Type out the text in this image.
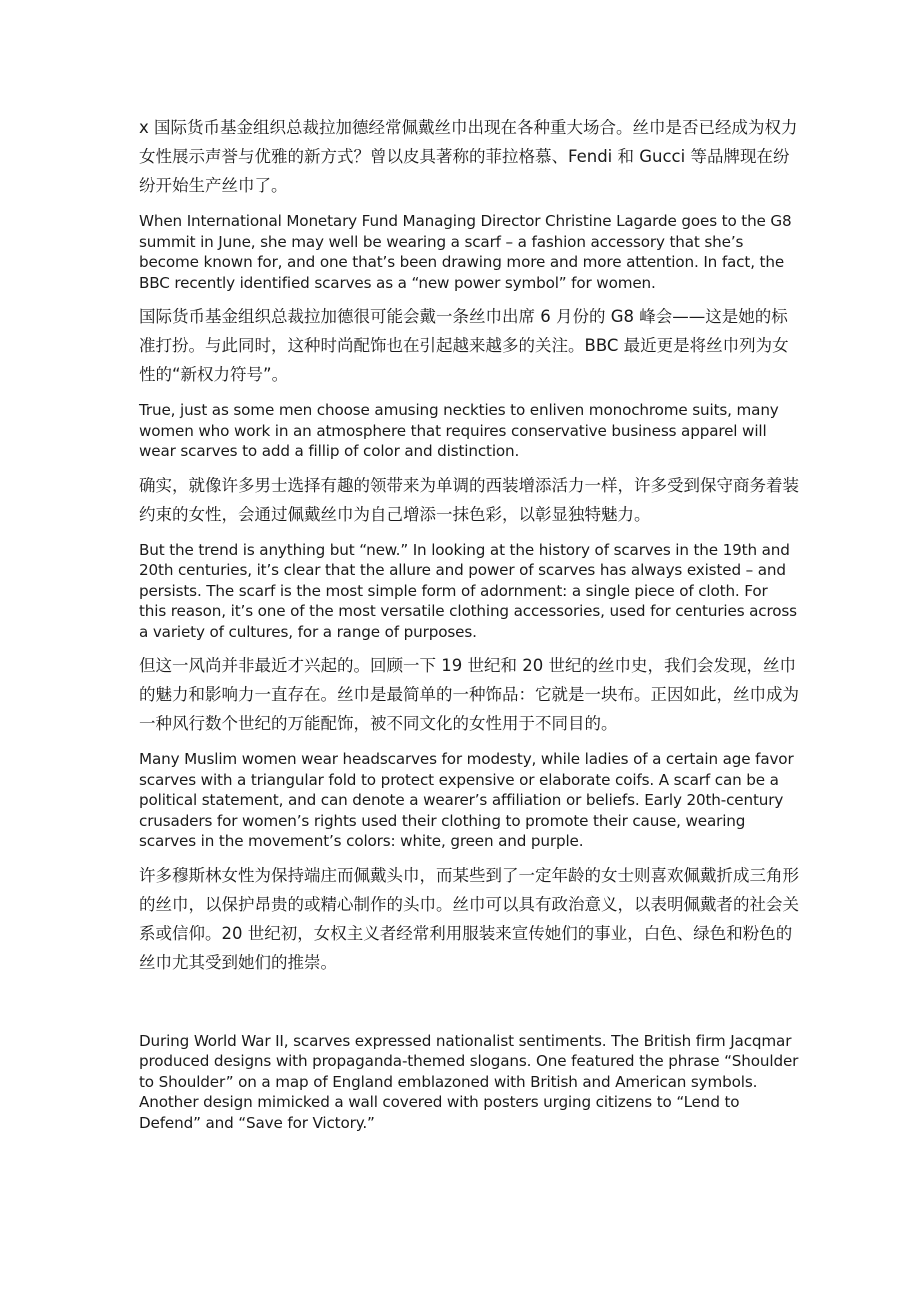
x 国际货币基金组织总裁拉加德经常佩戴丝巾出现在各种重大场合。丝巾是否已经成为权力女性展示声誉与优雅的新方式？曾以皮具著称的菲拉格慕、Fendi 和 Gucci 等品牌现在纷纷开始生产丝巾了。

When International Monetary Fund Managing Director Christine Lagarde goes to the G8 summit in June, she may well be wearing a scarf – a fashion accessory that she’s become known for, and one that’s been drawing more and more attention. In fact, the BBC recently identified scarves as a “new power symbol” for women.

国际货币基金组织总裁拉加德很可能会戴一条丝巾出席 6 月份的 G8 峰会——这是她的标准打扮。与此同时，这种时尚配饰也在引起越来越多的关注。BBC 最近更是将丝巾列为女性的“新权力符号”。

True, just as some men choose amusing neckties to enliven monochrome suits, many women who work in an atmosphere that requires conservative business apparel will wear scarves to add a fillip of color and distinction.

确实，就像许多男士选择有趣的领带来为单调的西装增添活力一样，许多受到保守商务着装约束的女性，会通过佩戴丝巾为自己增添一抹色彩，以彰显独特魅力。

But the trend is anything but “new.” In looking at the history of scarves in the 19th and 20th centuries, it’s clear that the allure and power of scarves has always existed – and persists. The scarf is the most simple form of adornment: a single piece of cloth. For this reason, it’s one of the most versatile clothing accessories, used for centuries across a variety of cultures, for a range of purposes.

但这一风尚并非最近才兴起的。回顾一下 19 世纪和 20 世纪的丝巾史，我们会发现，丝巾的魅力和影响力一直存在。丝巾是最简单的一种饰品：它就是一块布。正因如此，丝巾成为一种风行数个世纪的万能配饰，被不同文化的女性用于不同目的。

Many Muslim women wear headscarves for modesty, while ladies of a certain age favor scarves with a triangular fold to protect expensive or elaborate coifs. A scarf can be a political statement, and can denote a wearer’s affiliation or beliefs. Early 20th-century crusaders for women’s rights used their clothing to promote their cause, wearing scarves in the movement’s colors: white, green and purple.

许多穆斯林女性为保持端庄而佩戴头巾，而某些到了一定年龄的女士则喜欢佩戴折成三角形的丝巾，以保护昂贵的或精心制作的头巾。丝巾可以具有政治意义，以表明佩戴者的社会关系或信仰。20 世纪初，女权主义者经常利用服装来宣传她们的事业，白色、绿色和粉色的丝巾尤其受到她们的推崇。

During World War II, scarves expressed nationalist sentiments. The British firm Jacqmar produced designs with propaganda-themed slogans. One featured the phrase “Shoulder to Shoulder” on a map of England emblazoned with British and American symbols. Another design mimicked a wall covered with posters urging citizens to “Lend to Defend” and “Save for Victory.”
